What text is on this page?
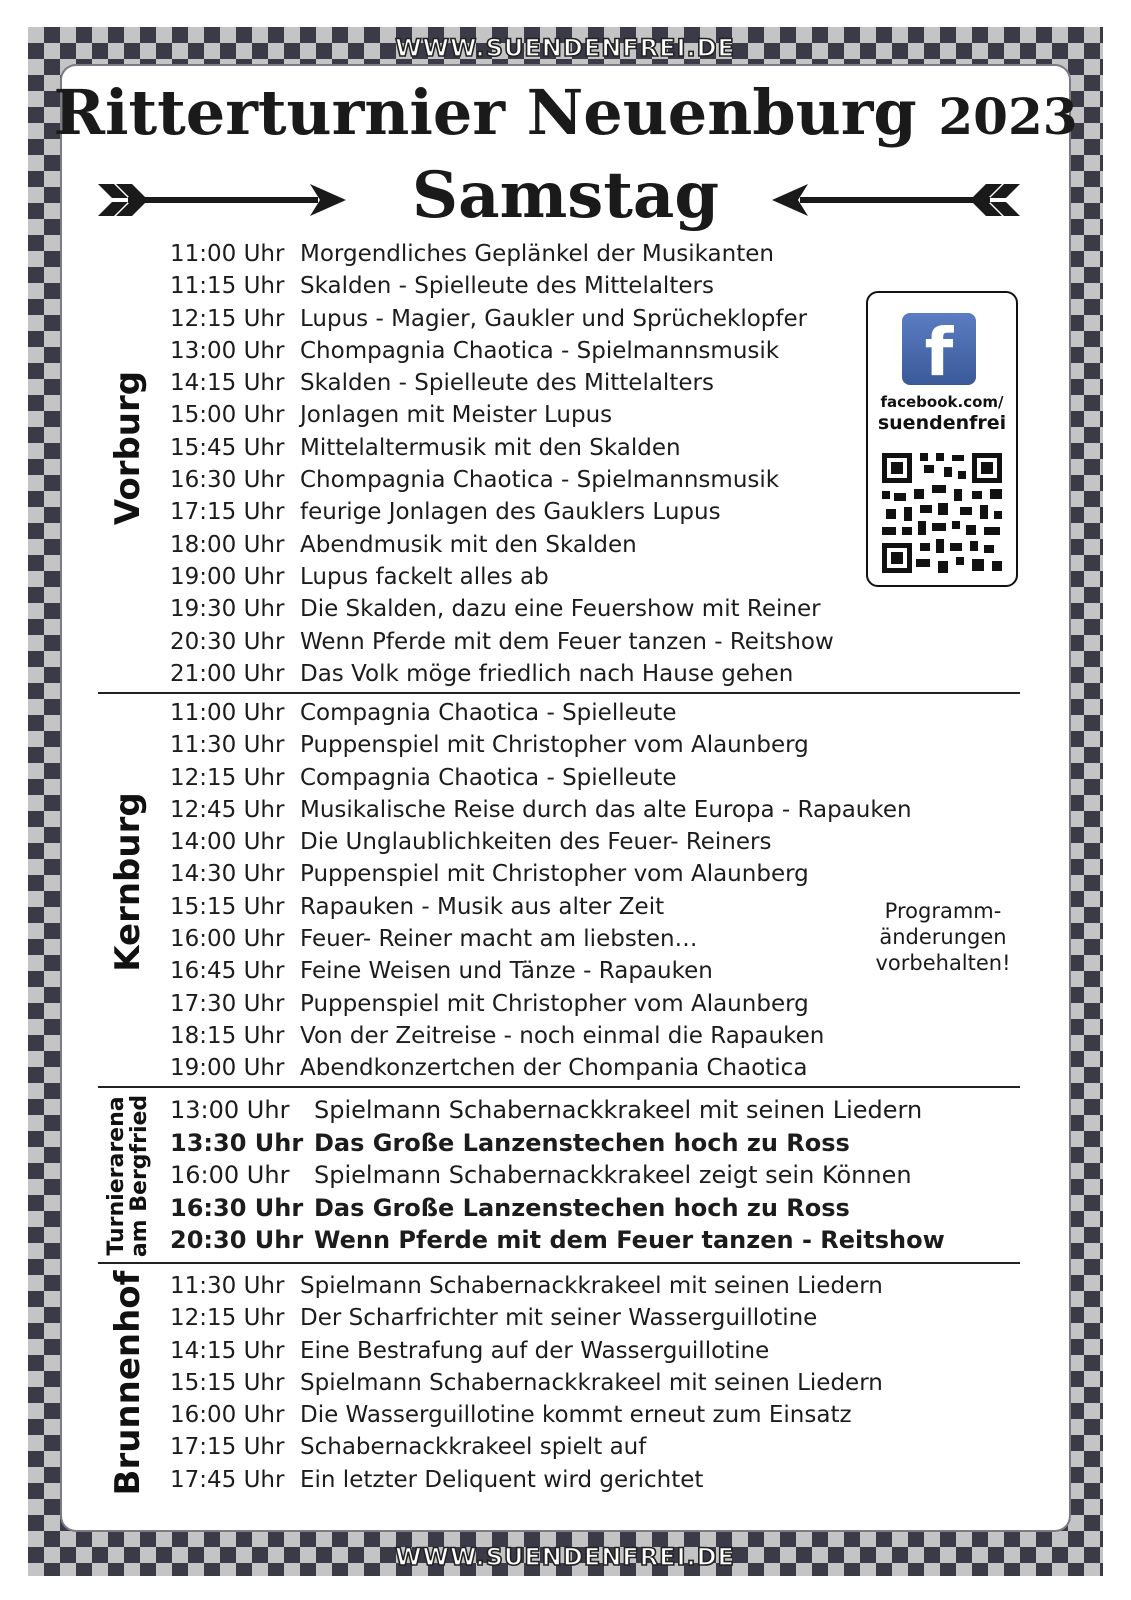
WWW.SUENDENFREI.DE
WWW.SUENDENFREI.DE
Ritterturnier Neuenburg 2023
Samstag
Vorburg
11:00 Uhr Morgendliches Geplänkel der Musikanten
11:15 Uhr Skalden - Spielleute des Mittelalters
12:15 Uhr Lupus - Magier, Gaukler und Sprücheklopfer
13:00 Uhr Chompagnia Chaotica - Spielmannsmusik
14:15 Uhr Skalden - Spielleute des Mittelalters
15:00 Uhr Jonlagen mit Meister Lupus
15:45 Uhr Mittelaltermusik mit den Skalden
16:30 Uhr Chompagnia Chaotica - Spielmannsmusik
17:15 Uhr feurige Jonlagen des Gauklers Lupus
18:00 Uhr Abendmusik mit den Skalden
19:00 Uhr Lupus fackelt alles ab
19:30 Uhr Die Skalden, dazu eine Feuershow mit Reiner
20:30 Uhr Wenn Pferde mit dem Feuer tanzen - Reitshow
21:00 Uhr Das Volk möge friedlich nach Hause gehen
f
facebook.com/
suendenfrei
Kernburg
11:00 Uhr Compagnia Chaotica - Spielleute
11:30 Uhr Puppenspiel mit Christopher vom Alaunberg
12:15 Uhr Compagnia Chaotica - Spielleute
12:45 Uhr Musikalische Reise durch das alte Europa - Rapauken
14:00 Uhr Die Unglaublichkeiten des Feuer- Reiners
14:30 Uhr Puppenspiel mit Christopher vom Alaunberg
15:15 Uhr Rapauken - Musik aus alter Zeit
16:00 Uhr Feuer- Reiner macht am liebsten…
16:45 Uhr Feine Weisen und Tänze - Rapauken
17:30 Uhr Puppenspiel mit Christopher vom Alaunberg
18:15 Uhr Von der Zeitreise - noch einmal die Rapauken
19:00 Uhr Abendkonzertchen der Chompania Chaotica
Programm-
änderungen
vorbehalten!
Turnierarena
am Bergfried 13:00 Uhr Spielmann Schabernackkrakeel mit seinen Liedern
13:30 Uhr Das Große Lanzenstechen hoch zu Ross
16:00 Uhr Spielmann Schabernackkrakeel zeigt sein Können
16:30 Uhr Das Große Lanzenstechen hoch zu Ross
20:30 Uhr Wenn Pferde mit dem Feuer tanzen - Reitshow
Brunnenhof 11:30 Uhr Spielmann Schabernackkrakeel mit seinen Liedern
12:15 Uhr Der Scharfrichter mit seiner Wasserguillotine
14:15 Uhr Eine Bestrafung auf der Wasserguillotine
15:15 Uhr Spielmann Schabernackkrakeel mit seinen Liedern
16:00 Uhr Die Wasserguillotine kommt erneut zum Einsatz
17:15 Uhr Schabernackkrakeel spielt auf
17:45 Uhr Ein letzter Deliquent wird gerichtet
